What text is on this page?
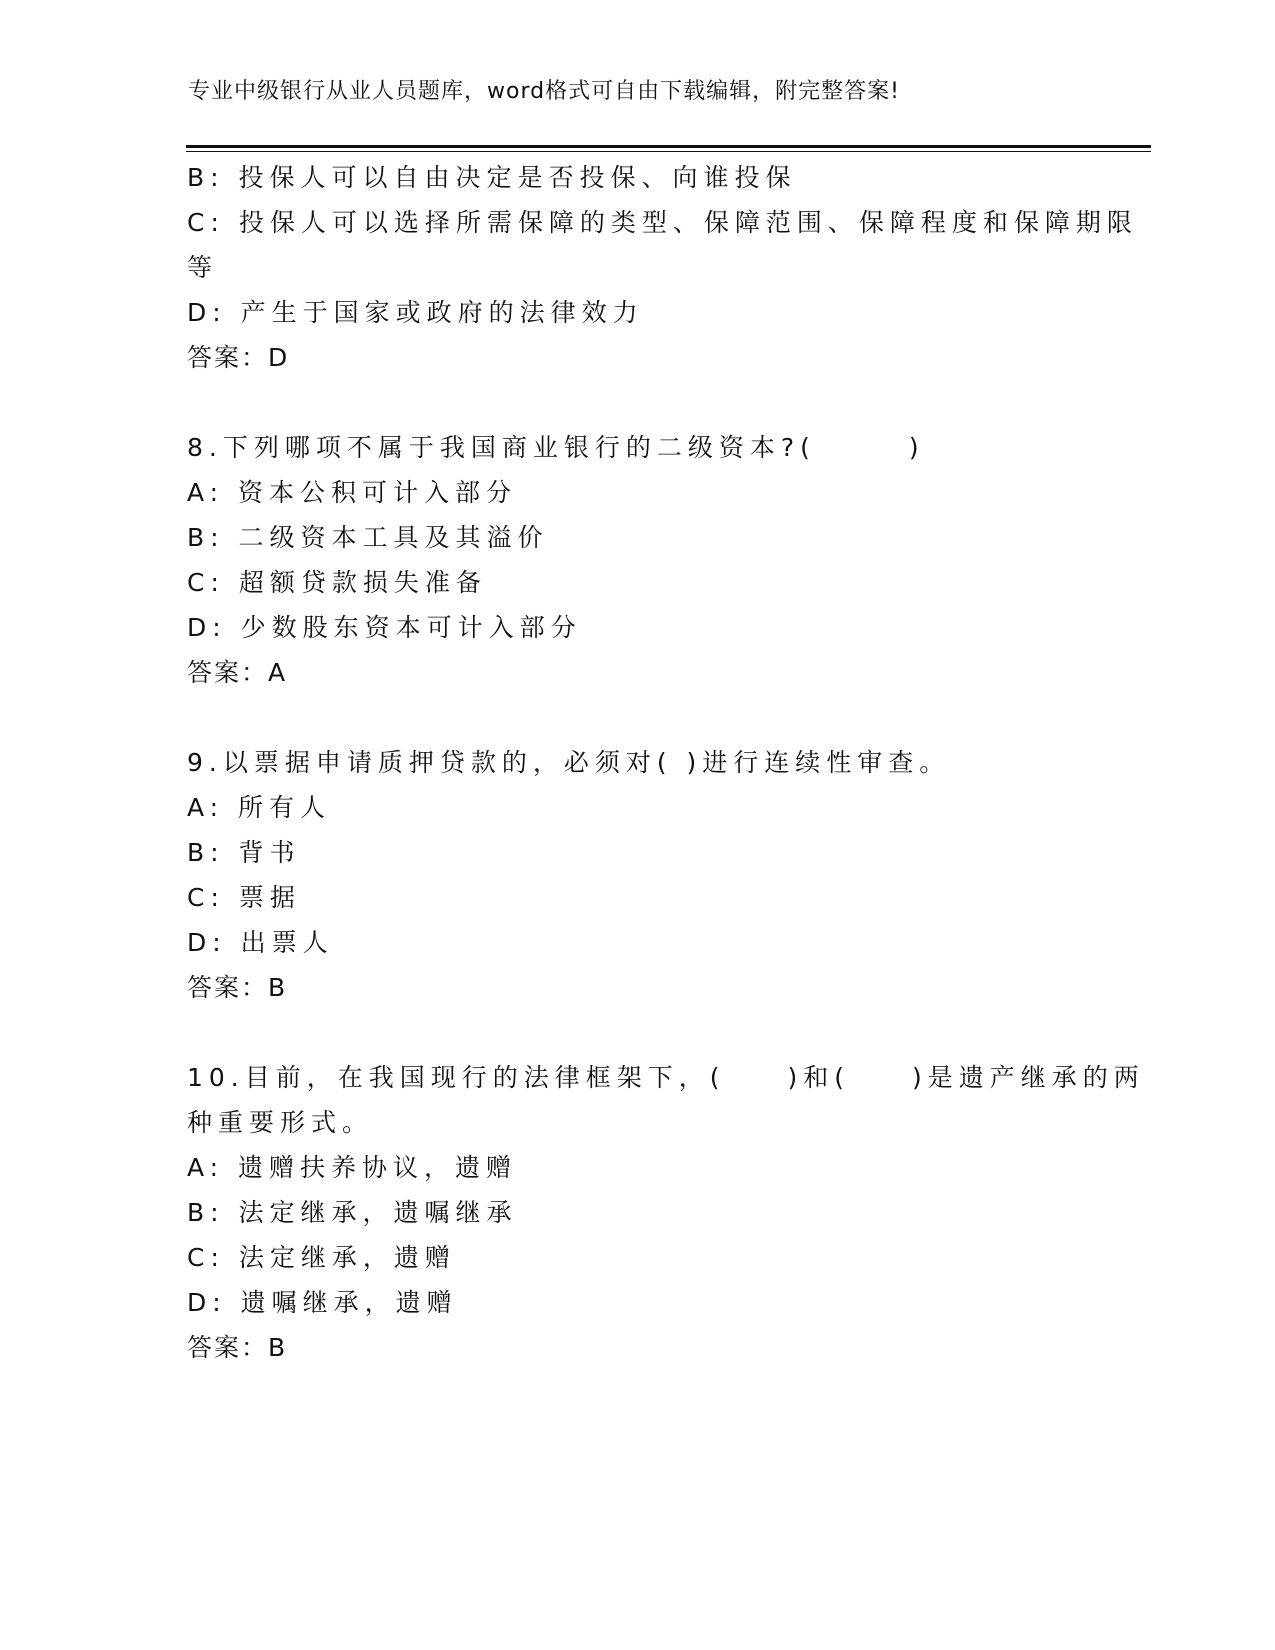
专业中级银行从业人员题库，word格式可自由下载编辑，附完整答案!
B: 投保人可以自由决定是否投保、向谁投保
C: 投保人可以选择所需保障的类型、保障范围、保障程度和保障期限
等
D: 产生于国家或政府的法律效力
答案：D
8.下列哪项不属于我国商业银行的二级资本?(　　　)
A: 资本公积可计入部分
B: 二级资本工具及其溢价
C: 超额贷款损失准备
D: 少数股东资本可计入部分
答案：A
9.以票据申请质押贷款的，必须对( )进行连续性审查。
A: 所有人
B: 背书
C: 票据
D: 出票人
答案：B
10.目前，在我国现行的法律框架下，(　　)和(　　)是遗产继承的两
种重要形式。
A: 遗赠扶养协议，遗赠
B: 法定继承，遗嘱继承
C: 法定继承，遗赠
D: 遗嘱继承，遗赠
答案：B
